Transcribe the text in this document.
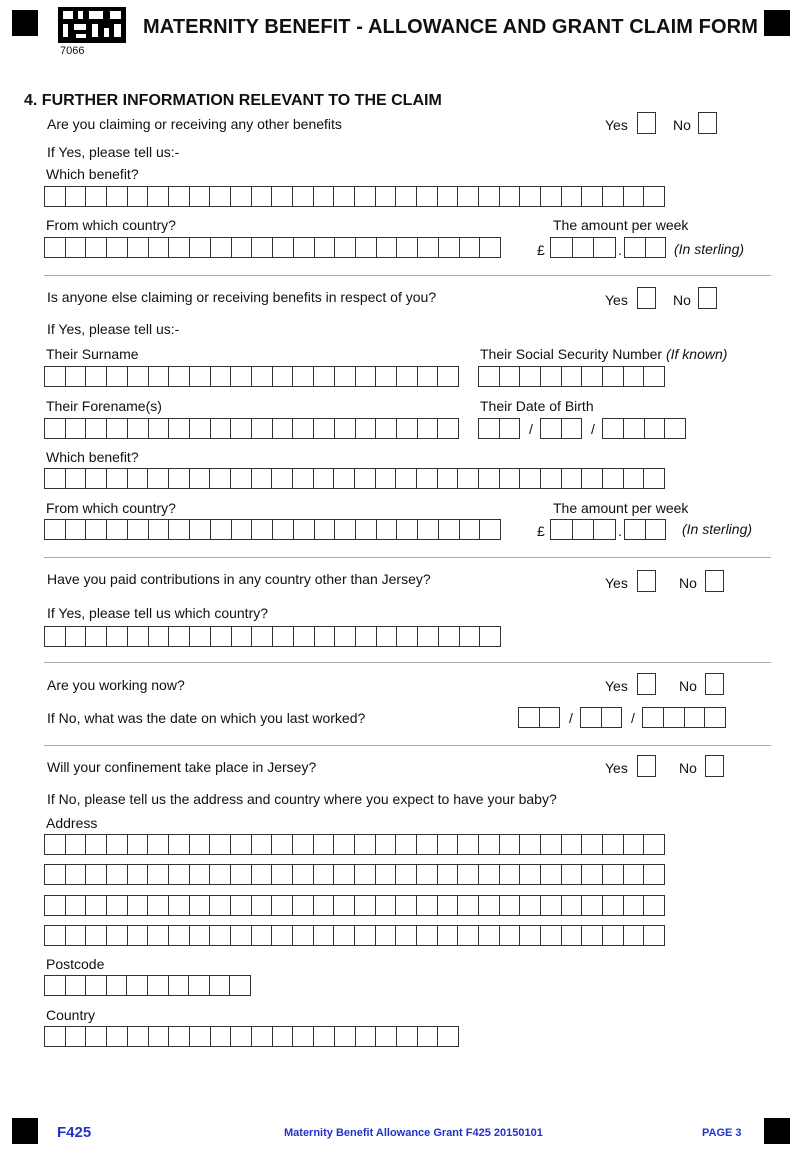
7066
MATERNITY BENEFIT - ALLOWANCE AND GRANT CLAIM FORM
4. FURTHER INFORMATION RELEVANT TO THE CLAIM
Are you claiming or receiving any other benefits	Yes	No
If Yes, please tell us:-
Which benefit?
From which country?	The amount per week
£	.	(In sterling)
Is anyone else claiming or receiving benefits in respect of you?	Yes	No
If Yes, please tell us:-
Their Surname	Their Social Security Number (If known)
Their Forename(s)	Their Date of Birth
/	/
Which benefit?
From which country?	The amount per week
£	.	(In sterling)
Have you paid contributions in any country other than Jersey?	Yes	No
If Yes, please tell us which country?
Are you working now?	Yes	No
If No, what was the date on which you last worked?	/	/
Will your confinement take place in Jersey?	Yes	No
If No, please tell us the address and country where you expect to have your baby?
Address
Postcode
Country
F425	Maternity Benefit Allowance Grant F425 20150101	PAGE 3
